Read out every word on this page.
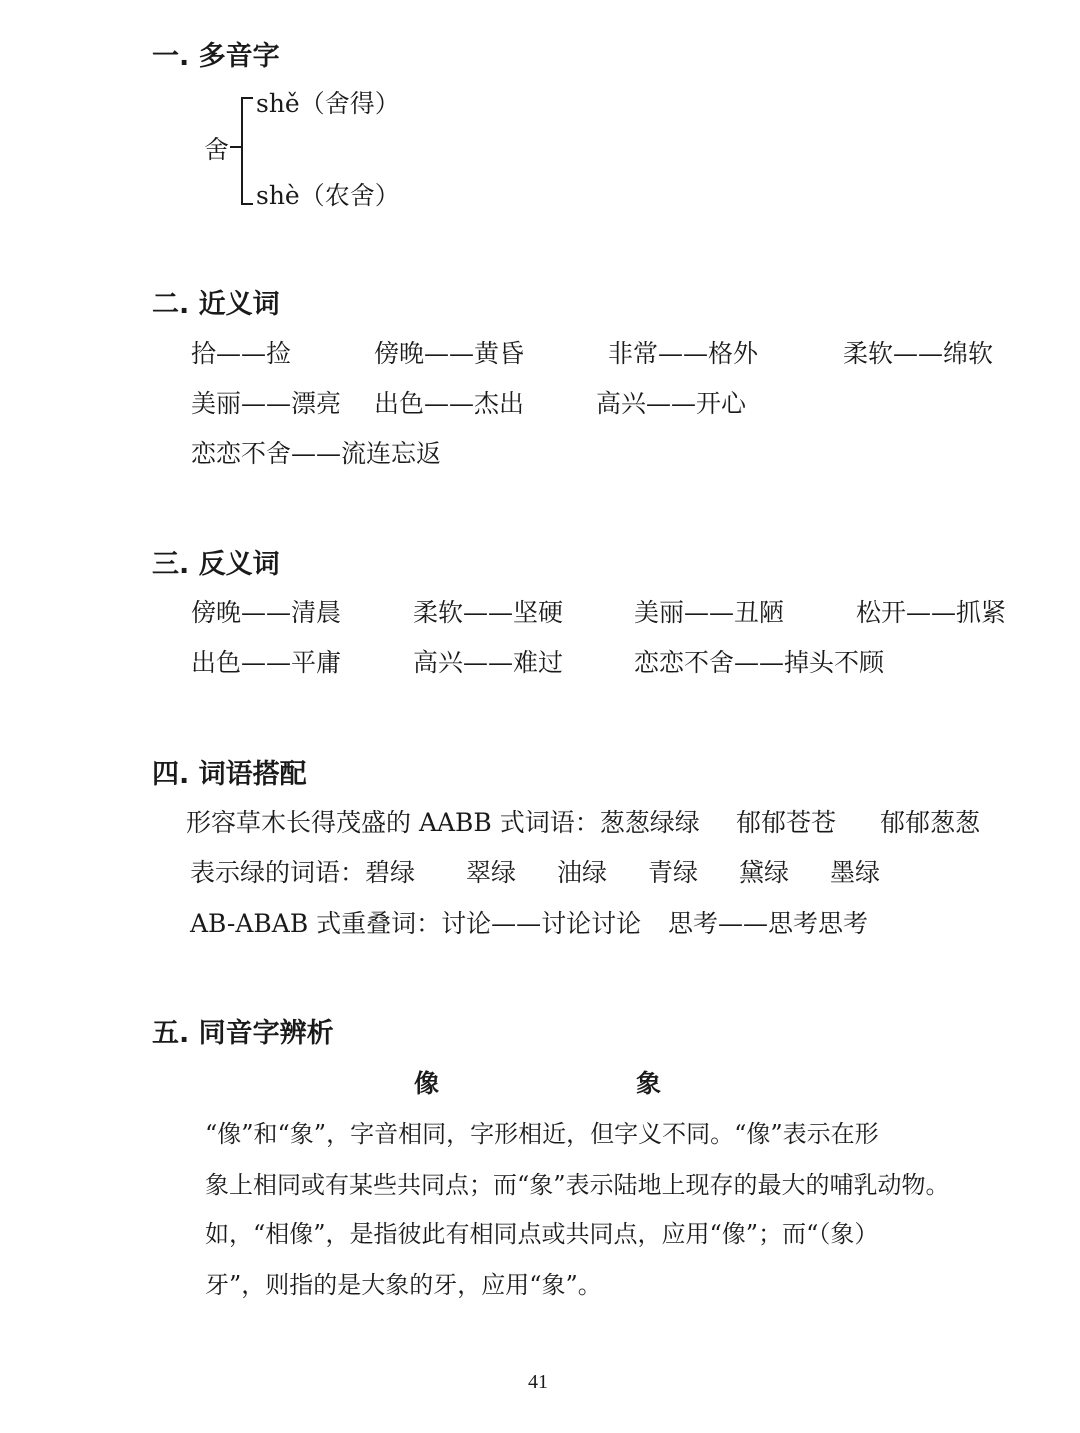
一. 多音字
舍
shě（舍得）
shè（农舍）
二. 近义词
拾——捡	傍晚——黄昏	非常——格外	柔软——绵软
美丽——漂亮 出色——杰出	高兴——开心
恋恋不舍——流连忘返
三. 反义词
傍晚——清晨	柔软——坚硬	美丽——丑陋	松开——抓紧
出色——平庸	高兴——难过	恋恋不舍——掉头不顾
四. 词语搭配
形容草木长得茂盛的 AABB 式词语：葱葱绿绿 郁郁苍苍 郁郁葱葱
表示绿的词语：碧绿 翠绿 油绿 青绿 黛绿 墨绿
AB-ABAB 式重叠词：讨论——讨论讨论 思考——思考思考
五. 同音字辨析
像	象
“像”和“象”，字音相同，字形相近，但字义不同。“像”表示在形
象上相同或有某些共同点；而“象”表示陆地上现存的最大的哺乳动物。
如，“相像”，是指彼此有相同点或共同点，应用“像”；而“（象）
牙”，则指的是大象的牙，应用“象”。
41
